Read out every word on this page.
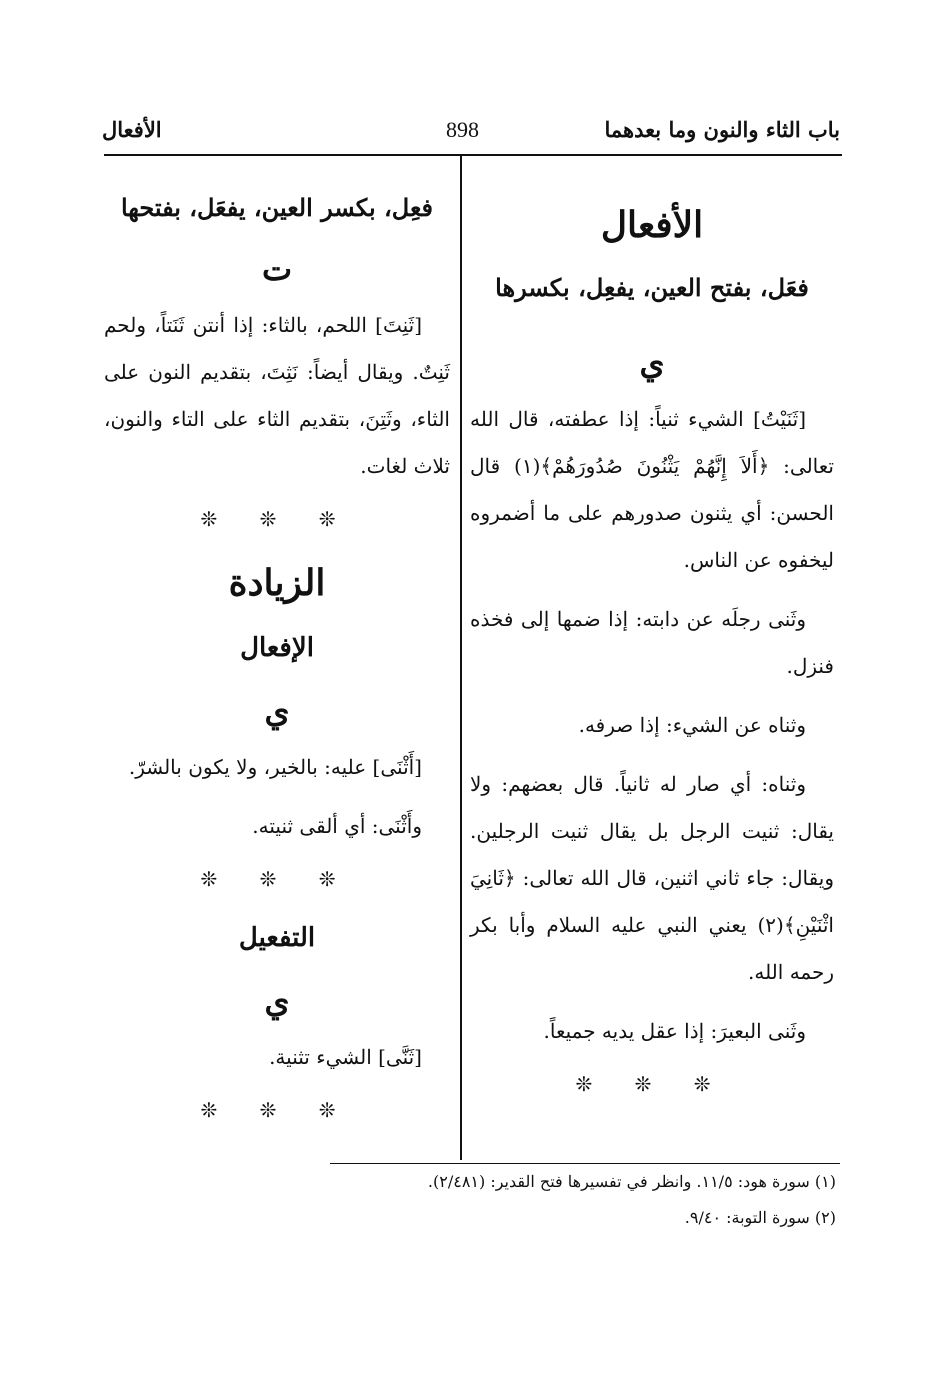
باب الثاء والنون وما بعدهما
898
الأفعال

الأفعال

فعَل، بفتح العين، يفعِل، بكسرها

ي

[ثَنَيْتُ] الشيء ثنياً: إذا عطفته، قال الله تعالى: ﴿أَلاَ إِنَّهُمْ يَثْنُونَ صُدُورَهُمْ﴾(١) قال الحسن: أي يثنون صدورهم على ما أضمروه ليخفوه عن الناس.

وثَنى رجلَه عن دابته: إذا ضمها إلى فخذه فنزل.

وثناه عن الشيء: إذا صرفه.

وثناه: أي صار له ثانياً. قال بعضهم: ولا يقال: ثنيت الرجل بل يقال ثنيت الرجلين. ويقال: جاء ثاني اثنين، قال الله تعالى: ﴿ثَانِيَ اثْنَيْنِ﴾(٢) يعني النبي عليه السلام وأبا بكر رحمه الله.

وثَنى البعيرَ: إذا عقل يديه جميعاً.

❊ ❊ ❊

فعِل، بكسر العين، يفعَل، بفتحها

ت

[ثَنِتَ] اللحم، بالثاء: إذا أنتن ثَنَتاً، ولحم ثَنِتٌ. ويقال أيضاً: نَثِتَ، بتقديم النون على الثاء، وثَتِنَ، بتقديم الثاء على التاء والنون، ثلاث لغات.

❊ ❊ ❊

الزيادة

الإفعال

ي

[أَثْنَى] عليه: بالخير، ولا يكون بالشرّ.

وأَثْنَى: أي ألقى ثنيته.

❊ ❊ ❊

التفعيل

ي

[ثَنَّى] الشيء تثنية.

❊ ❊ ❊

(١) سورة هود: ١١/٥. وانظر في تفسيرها فتح القدير: (٢/٤٨١).
(٢) سورة التوبة: ٩/٤٠.
